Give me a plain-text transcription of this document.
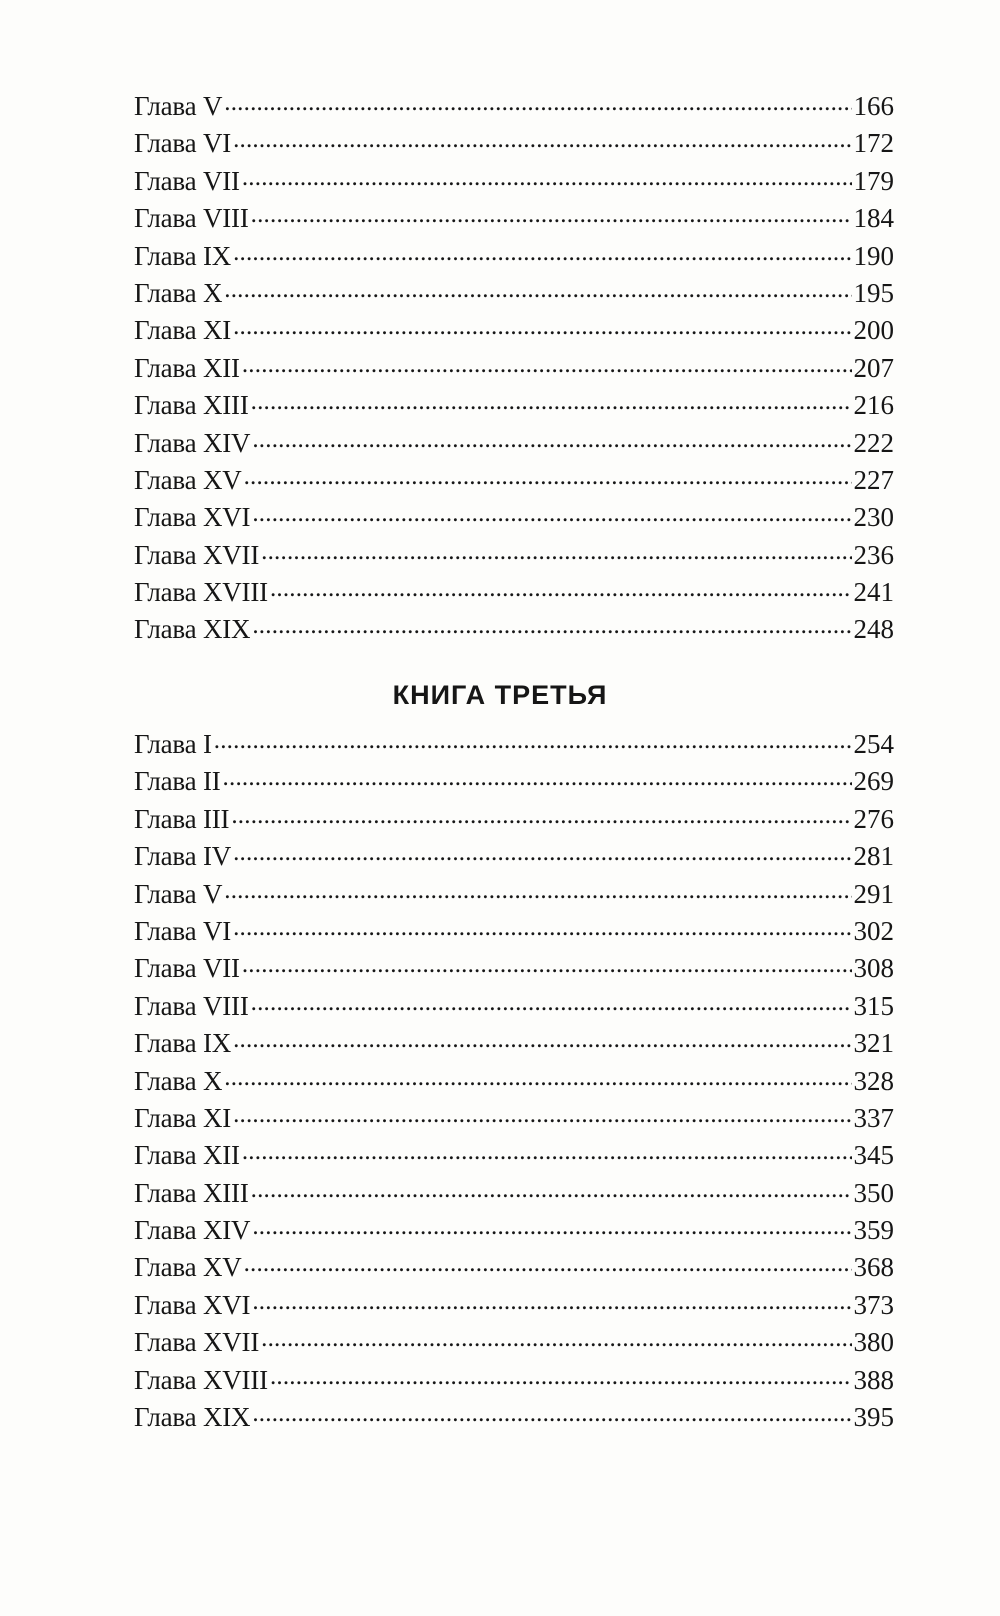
Глава V .....	166
Глава VI .....	172
Глава VII .....	179
Глава VIII .....	184
Глава IX .....	190
Глава X .....	195
Глава XI .....	200
Глава XII .....	207
Глава XIII .....	216
Глава XIV .....	222
Глава XV .....	227
Глава XVI .....	230
Глава XVII .....	236
Глава XVIII .....	241
Глава XIX .....	248
КНИГА ТРЕТЬЯ
Глава I .....	254
Глава II .....	269
Глава III .....	276
Глава IV .....	281
Глава V .....	291
Глава VI .....	302
Глава VII .....	308
Глава VIII .....	315
Глава IX .....	321
Глава X .....	328
Глава XI .....	337
Глава XII .....	345
Глава XIII .....	350
Глава XIV .....	359
Глава XV .....	368
Глава XVI .....	373
Глава XVII .....	380
Глава XVIII .....	388
Глава XIX .....	395
